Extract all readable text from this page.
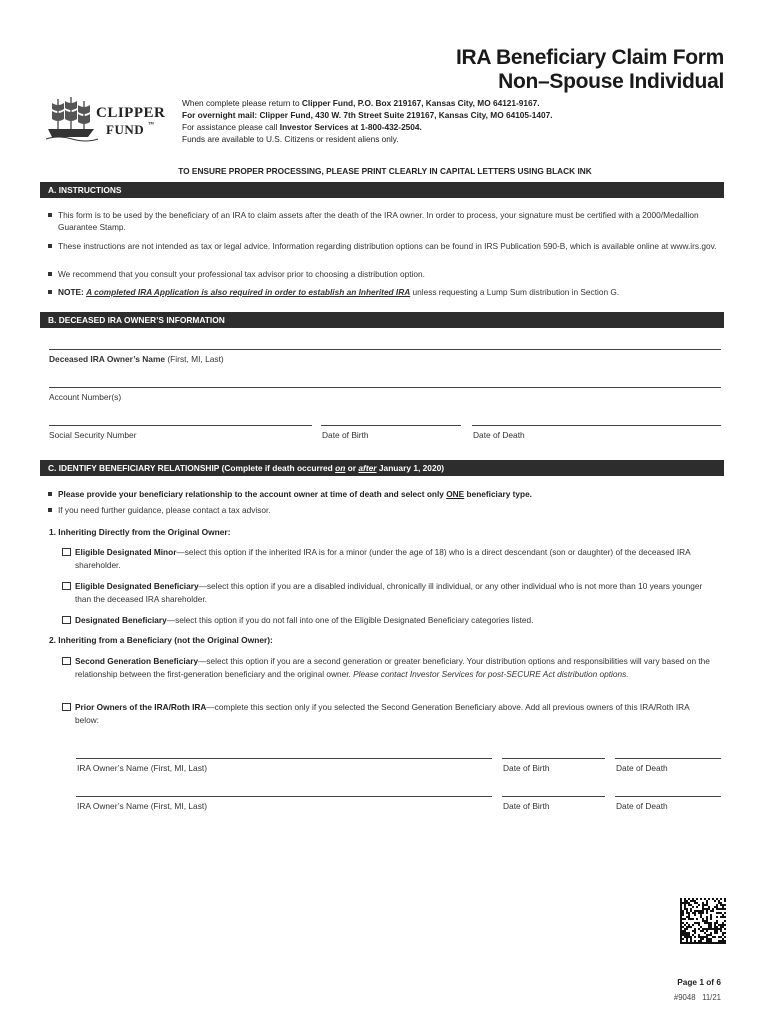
IRA Beneficiary Claim Form
Non–Spouse Individual
CLIPPER
FUND ™
When complete please return to Clipper Fund, P.O. Box 219167, Kansas City, MO 64121-9167.
For overnight mail: Clipper Fund, 430 W. 7th Street Suite 219167, Kansas City, MO 64105-1407.
For assistance please call Investor Services at 1-800-432-2504.
Funds are available to U.S. Citizens or resident aliens only.
TO ENSURE PROPER PROCESSING, PLEASE PRINT CLEARLY IN CAPITAL LETTERS USING BLACK INK
A. INSTRUCTIONS
This form is to be used by the beneficiary of an IRA to claim assets after the death of the IRA owner. In order to process, your signature must be certified with a 2000/Medallion Guarantee Stamp.
These instructions are not intended as tax or legal advice. Information regarding distribution options can be found in IRS Publication 590-B, which is available online at www.irs.gov.
We recommend that you consult your professional tax advisor prior to choosing a distribution option.
NOTE: A completed IRA Application is also required in order to establish an Inherited IRA unless requesting a Lump Sum distribution in Section G.
B. DECEASED IRA OWNER’S INFORMATION
Deceased IRA Owner’s Name (First, MI, Last)
Account Number(s)
Social Security Number	Date of Birth	Date of Death
C. IDENTIFY BENEFICIARY RELATIONSHIP (Complete if death occurred on or after January 1, 2020)
Please provide your beneficiary relationship to the account owner at time of death and select only ONE beneficiary type.
If you need further guidance, please contact a tax advisor.
1. Inheriting Directly from the Original Owner:
Eligible Designated Minor—select this option if the inherited IRA is for a minor (under the age of 18) who is a direct descendant (son or daughter) of the deceased IRA shareholder.
Eligible Designated Beneficiary—select this option if you are a disabled individual, chronically ill individual, or any other individual who is not more than 10 years younger than the deceased IRA shareholder.
Designated Beneficiary—select this option if you do not fall into one of the Eligible Designated Beneficiary categories listed.
2. Inheriting from a Beneficiary (not the Original Owner):
Second Generation Beneficiary—select this option if you are a second generation or greater beneficiary. Your distribution options and responsibilities will vary based on the relationship between the first-generation beneficiary and the original owner. Please contact Investor Services for post-SECURE Act distribution options.
Prior Owners of the IRA/Roth IRA—complete this section only if you selected the Second Generation Beneficiary above. Add all previous owners of this IRA/Roth IRA below:
IRA Owner’s Name (First, MI, Last)	Date of Birth	Date of Death
IRA Owner’s Name (First, MI, Last)	Date of Birth	Date of Death
Page 1 of 6
#9048 11/21
